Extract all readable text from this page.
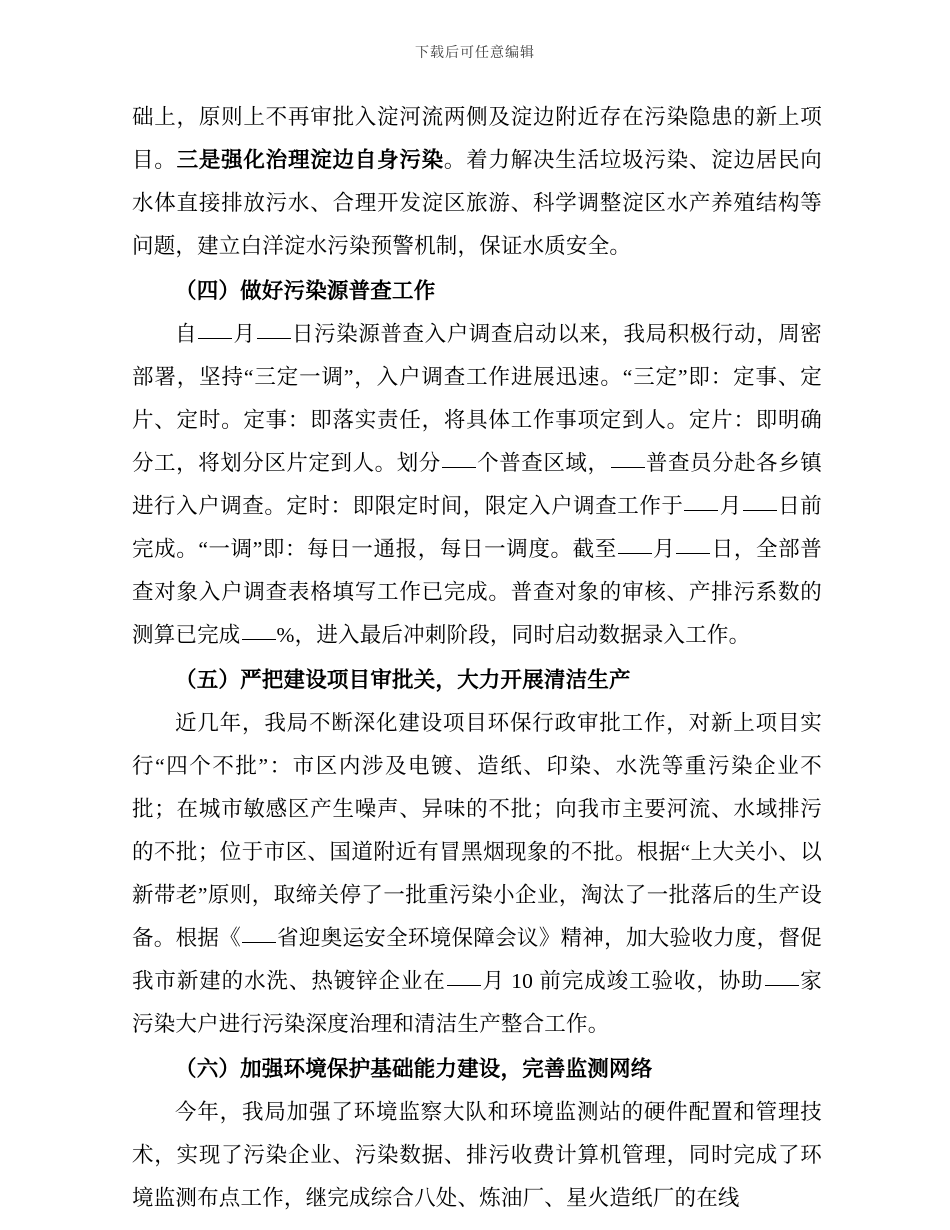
下载后可任意编辑

础上，原则上不再审批入淀河流两侧及淀边附近存在污染隐患的新上项目。三是强化治理淀边自身污染。着力解决生活垃圾污染、淀边居民向水体直接排放污水、合理开发淀区旅游、科学调整淀区水产养殖结构等问题，建立白洋淀水污染预警机制，保证水质安全。

（四）做好污染源普查工作

自 月 日污染源普查入户调查启动以来，我局积极行动，周密部署，坚持“三定一调”，入户调查工作进展迅速。“三定”即：定事、定片、定时。定事：即落实责任，将具体工作事项定到人。定片：即明确分工，将划分区片定到人。划分 个普查区域， 普查员分赴各乡镇进行入户调查。定时：即限定时间，限定入户调查工作于 月 日前完成。“一调”即：每日一通报，每日一调度。截至 月 日，全部普查对象入户调查表格填写工作已完成。普查对象的审核、产排污系数的测算已完成 %，进入最后冲刺阶段，同时启动数据录入工作。

（五）严把建设项目审批关，大力开展清洁生产

近几年，我局不断深化建设项目环保行政审批工作，对新上项目实行“四个不批”：市区内涉及电镀、造纸、印染、水洗等重污染企业不批；在城市敏感区产生噪声、异味的不批；向我市主要河流、水域排污的不批；位于市区、国道附近有冒黑烟现象的不批。根据“上大关小、以新带老”原则，取缔关停了一批重污染小企业，淘汰了一批落后的生产设备。根据《 省迎奥运安全环境保障会议》精神，加大验收力度，督促我市新建的水洗、热镀锌企业在 月 10 前完成竣工验收，协助 家污染大户进行污染深度治理和清洁生产整合工作。

（六）加强环境保护基础能力建设，完善监测网络

今年，我局加强了环境监察大队和环境监测站的硬件配置和管理技术，实现了污染企业、污染数据、排污收费计算机管理，同时完成了环境监测布点工作，继完成综合八处、炼油厂、星火造纸厂的在线
